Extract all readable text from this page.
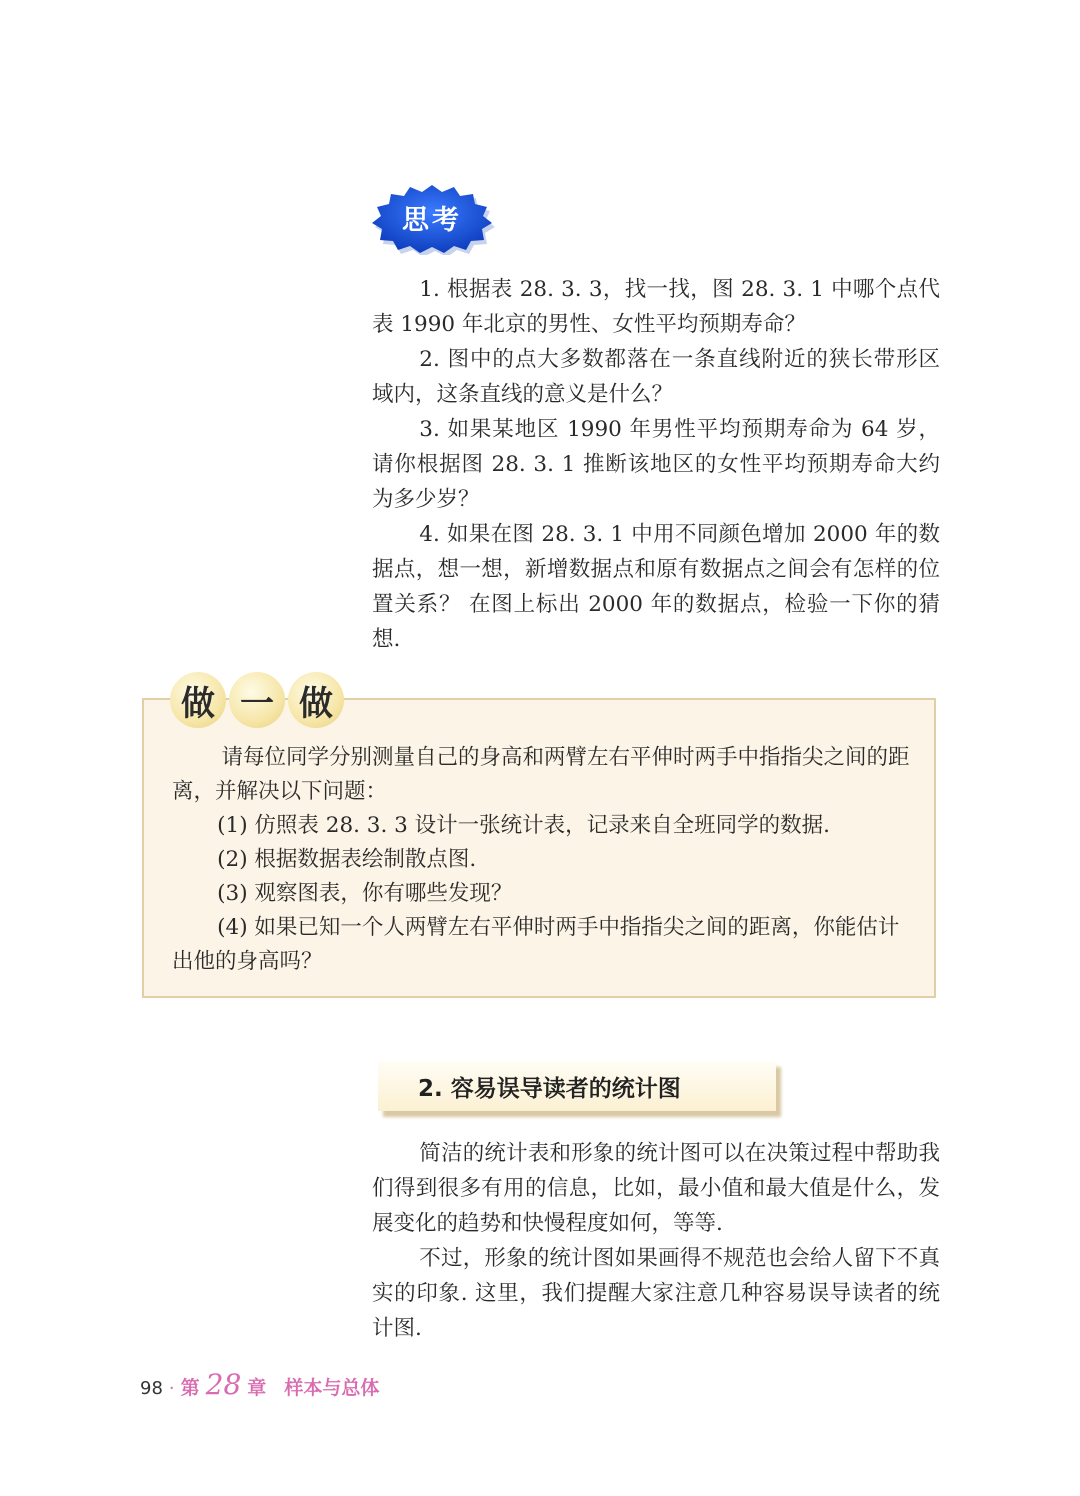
思考

1. 根据表 28. 3. 3，找一找，图 28. 3. 1 中哪个点代表 1990 年北京的男性、女性平均预期寿命？

2. 图中的点大多数都落在一条直线附近的狭长带形区域内，这条直线的意义是什么？

3. 如果某地区 1990 年男性平均预期寿命为 64 岁，请你根据图 28. 3. 1 推断该地区的女性平均预期寿命大约为多少岁？

4. 如果在图 28. 3. 1 中用不同颜色增加 2000 年的数据点，想一想，新增数据点和原有数据点之间会有怎样的位置关系？ 在图上标出 2000 年的数据点，检验一下你的猜想.

做 一 做

请每位同学分别测量自己的身高和两臂左右平伸时两手中指指尖之间的距离，并解决以下问题：

(1) 仿照表 28. 3. 3 设计一张统计表，记录来自全班同学的数据.

(2) 根据数据表绘制散点图.

(3) 观察图表，你有哪些发现？

(4) 如果已知一个人两臂左右平伸时两手中指指尖之间的距离，你能估计出他的身高吗？

2. 容易误导读者的统计图

简洁的统计表和形象的统计图可以在决策过程中帮助我们得到很多有用的信息，比如，最小值和最大值是什么，发展变化的趋势和快慢程度如何，等等.

不过，形象的统计图如果画得不规范也会给人留下不真实的印象. 这里，我们提醒大家注意几种容易误导读者的统计图.

98 · 第 28 章 样本与总体
